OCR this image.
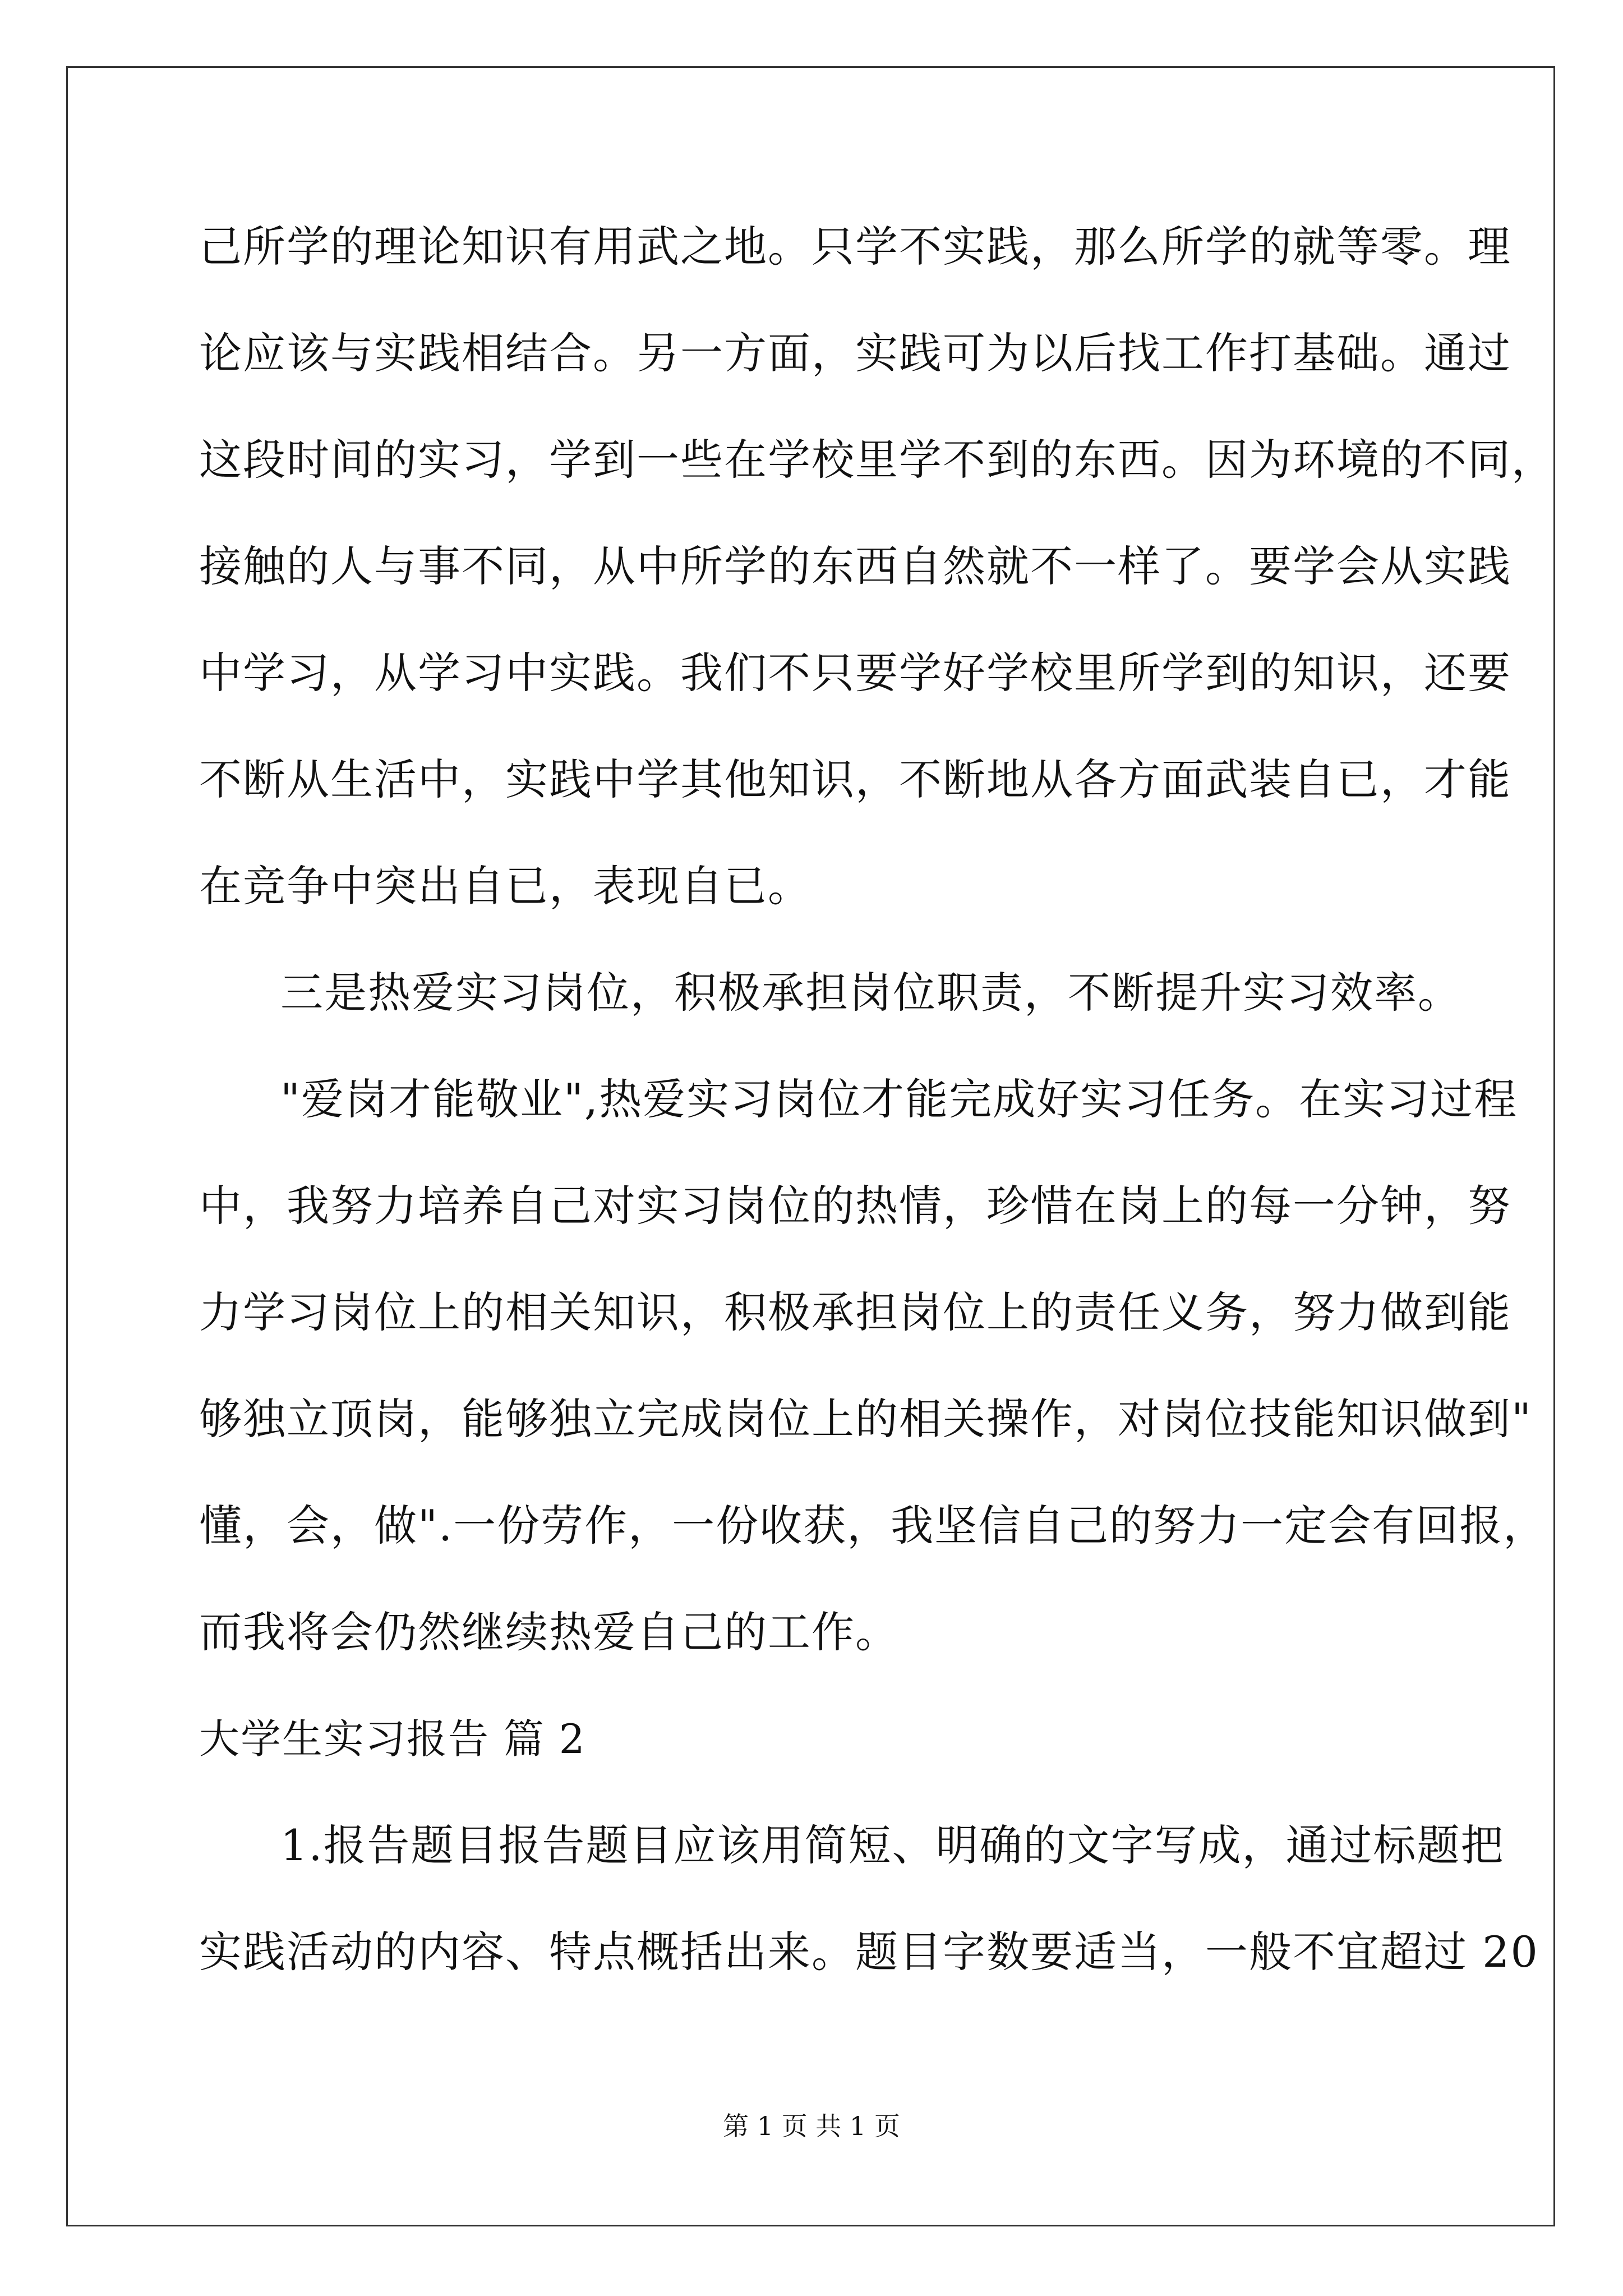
己所学的理论知识有用武之地。只学不实践，那么所学的就等零。理
论应该与实践相结合。另一方面，实践可为以后找工作打基础。通过
这段时间的实习，学到一些在学校里学不到的东西。因为环境的不同，
接触的人与事不同，从中所学的东西自然就不一样了。要学会从实践
中学习，从学习中实践。我们不只要学好学校里所学到的知识，还要
不断从生活中，实践中学其他知识，不断地从各方面武装自已，才能
在竞争中突出自已，表现自已。
三是热爱实习岗位，积极承担岗位职责，不断提升实习效率。
"爱岗才能敬业",热爱实习岗位才能完成好实习任务。在实习过程
中，我努力培养自己对实习岗位的热情，珍惜在岗上的每一分钟，努
力学习岗位上的相关知识，积极承担岗位上的责任义务，努力做到能
够独立顶岗，能够独立完成岗位上的相关操作，对岗位技能知识做到"
懂，会，做".一份劳作，一份收获，我坚信自己的努力一定会有回报，
而我将会仍然继续热爱自己的工作。
大学生实习报告 篇 2
1.报告题目报告题目应该用简短、明确的文字写成，通过标题把
实践活动的内容、特点概括出来。题目字数要适当，一般不宜超过 20
第 1 页 共 1 页
